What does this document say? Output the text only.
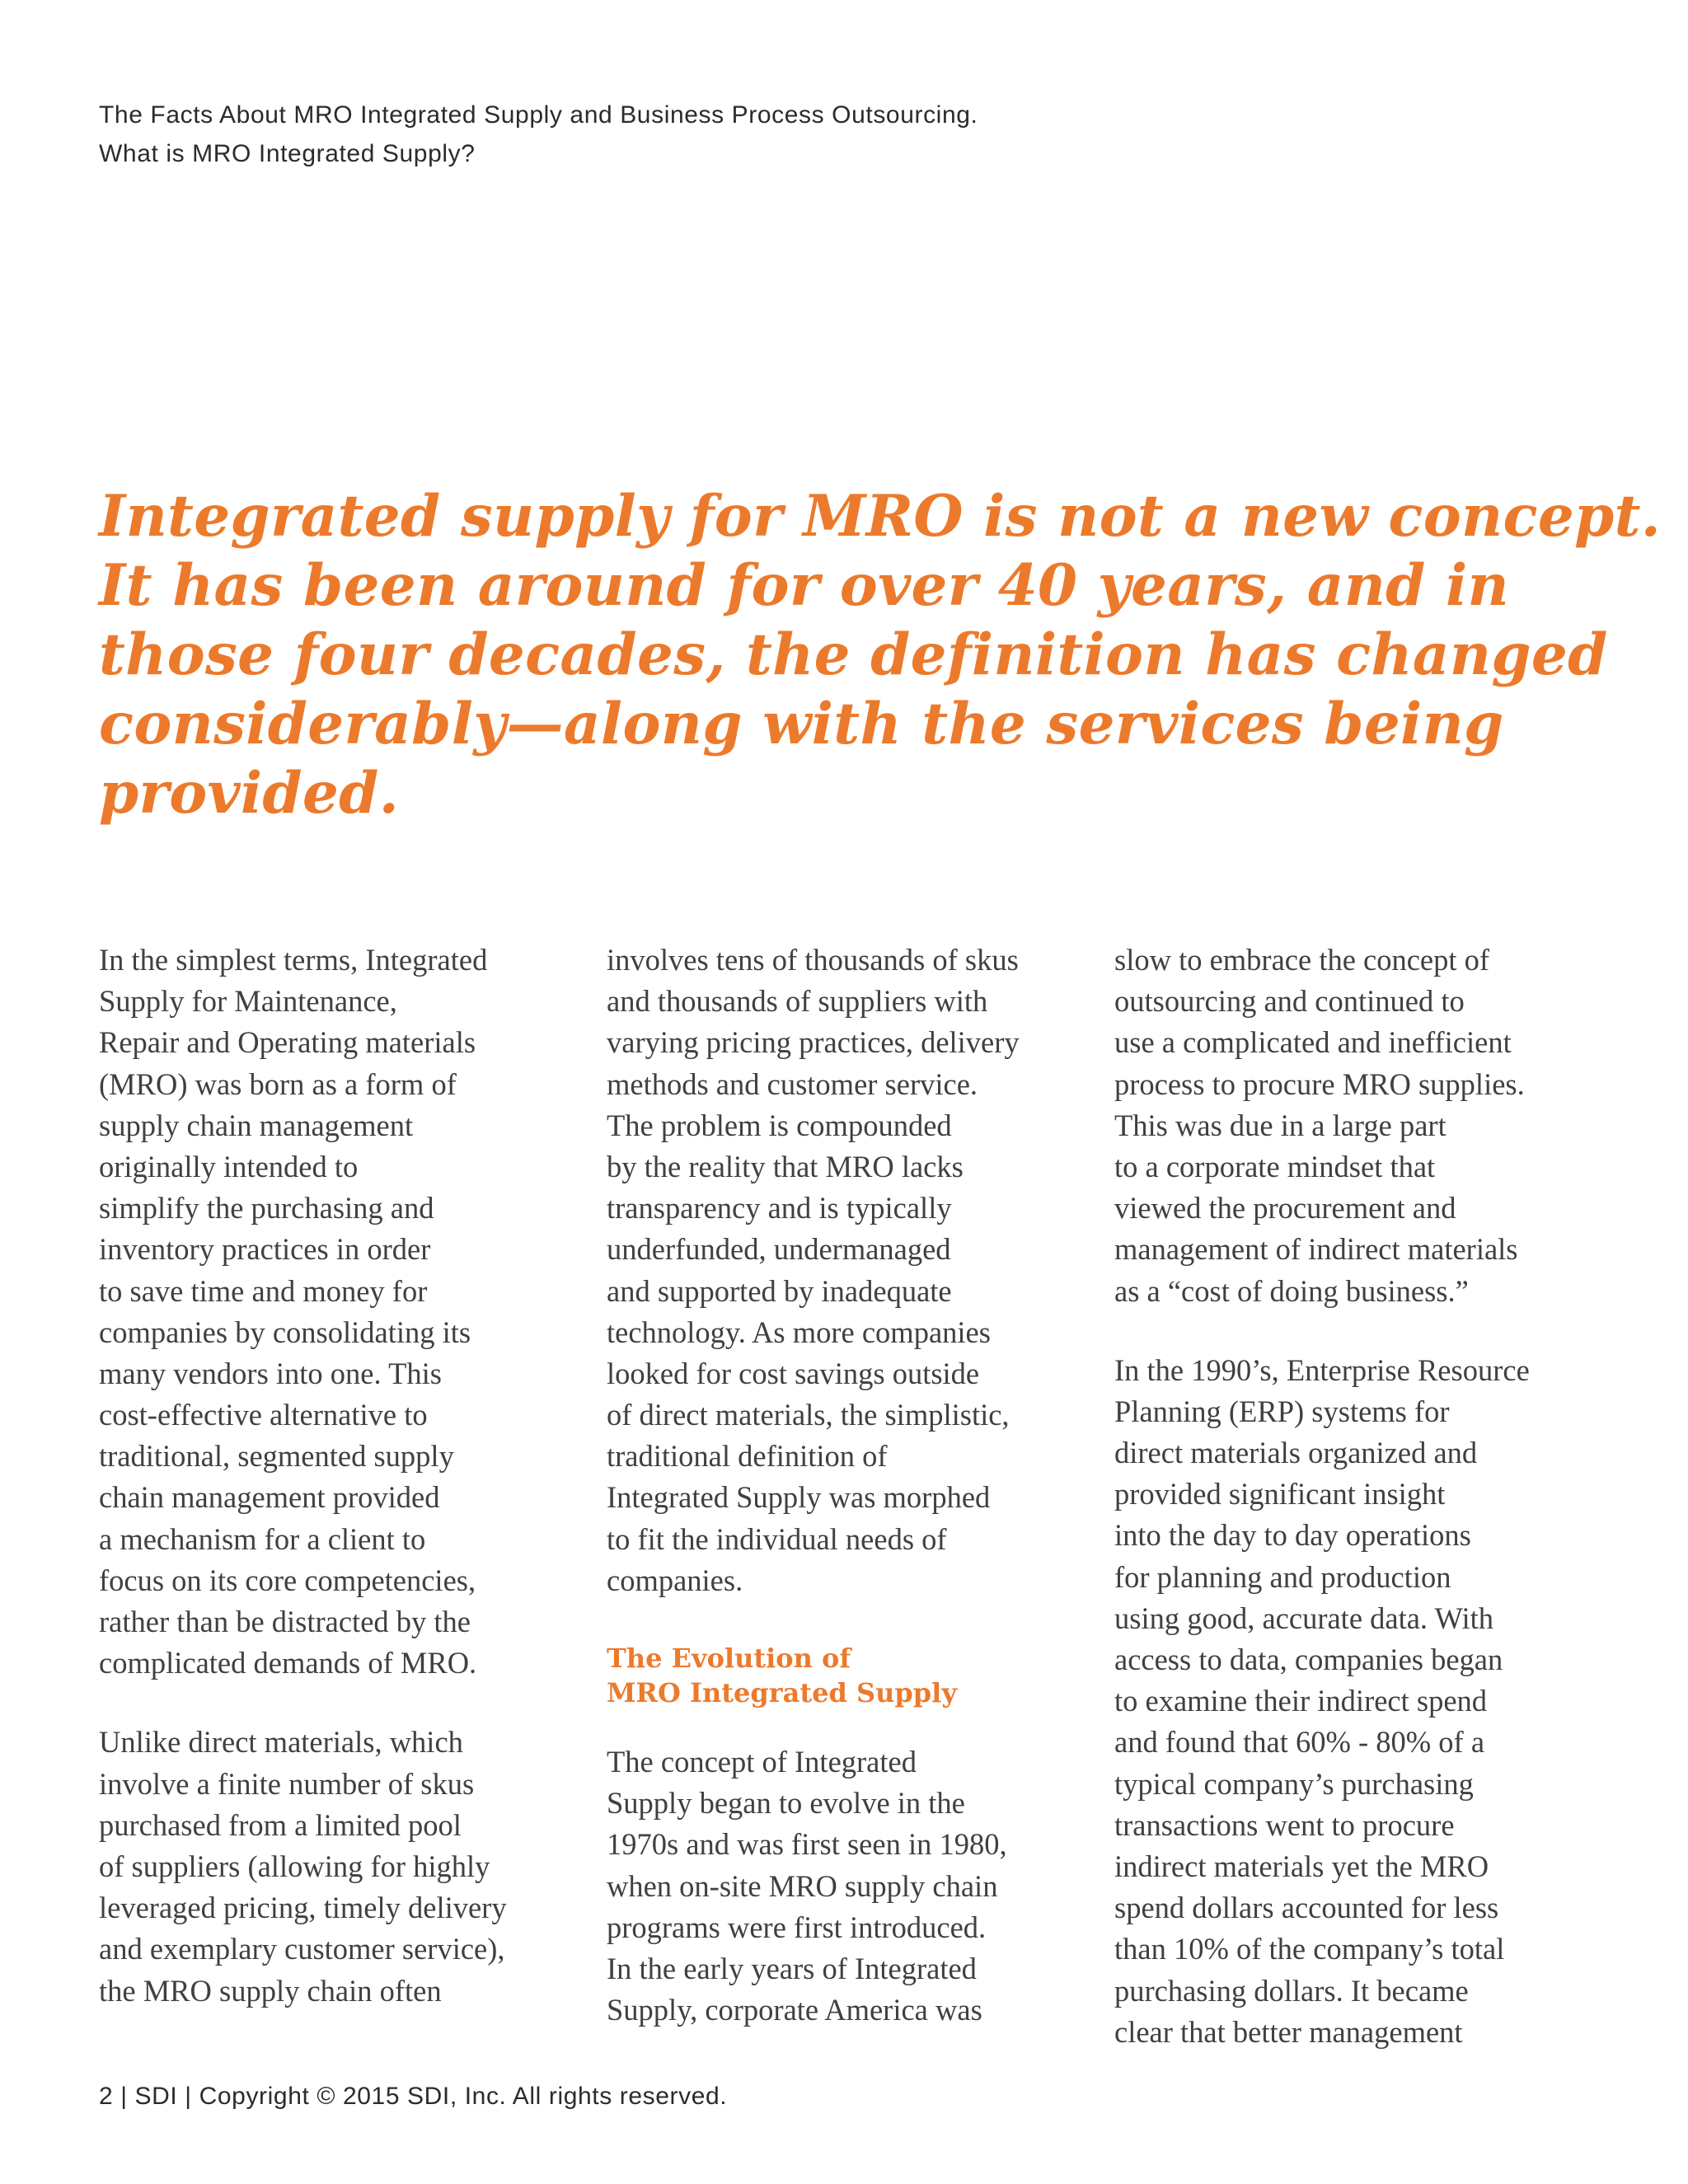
The Facts About MRO Integrated Supply and Business Process Outsourcing.
What is MRO Integrated Supply?
Integrated supply for MRO is not a new concept.
It has been around for over 40 years, and in
those four decades, the definition has changed
considerably—along with the services being
provided.
In the simplest terms, Integrated
Supply for Maintenance,
Repair and Operating materials
(MRO) was born as a form of
supply chain management
originally intended to
simplify the purchasing and
inventory practices in order
to save time and money for
companies by consolidating its
many vendors into one. This
cost-effective alternative to
traditional, segmented supply
chain management provided
a mechanism for a client to
focus on its core competencies,
rather than be distracted by the
complicated demands of MRO.
Unlike direct materials, which
involve a finite number of skus
purchased from a limited pool
of suppliers (allowing for highly
leveraged pricing, timely delivery
and exemplary customer service),
the MRO supply chain often
involves tens of thousands of skus
and thousands of suppliers with
varying pricing practices, delivery
methods and customer service.
The problem is compounded
by the reality that MRO lacks
transparency and is typically
underfunded, undermanaged
and supported by inadequate
technology. As more companies
looked for cost savings outside
of direct materials, the simplistic,
traditional definition of
Integrated Supply was morphed
to fit the individual needs of
companies.
The Evolution of
MRO Integrated Supply
The concept of Integrated
Supply began to evolve in the
1970s and was first seen in 1980,
when on-site MRO supply chain
programs were first introduced.
In the early years of Integrated
Supply, corporate America was
slow to embrace the concept of
outsourcing and continued to
use a complicated and inefficient
process to procure MRO supplies.
This was due in a large part
to a corporate mindset that
viewed the procurement and
management of indirect materials
as a “cost of doing business.”
In the 1990’s, Enterprise Resource
Planning (ERP) systems for
direct materials organized and
provided significant insight
into the day to day operations
for planning and production
using good, accurate data. With
access to data, companies began
to examine their indirect spend
and found that 60% - 80% of a
typical company’s purchasing
transactions went to procure
indirect materials yet the MRO
spend dollars accounted for less
than 10% of the company’s total
purchasing dollars. It became
clear that better management
2 | SDI | Copyright © 2015 SDI, Inc. All rights reserved.
